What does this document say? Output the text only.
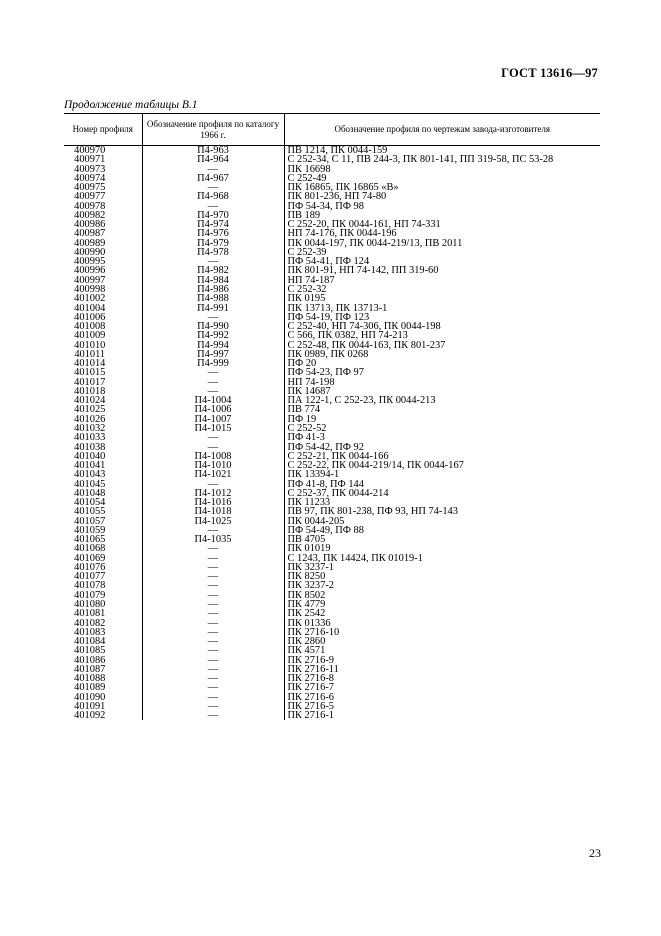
ГОСТ 13616—97
Продолжение таблицы В.1
Номер профиля	Обозначение профиля по каталогу 1966 г.	Обозначение профиля по чертежам завода-изготовителя
400970	П4-963	ПВ 1214, ПК 0044-159
400971	П4-964	С 252-34, С 11, ПВ 244-3, ПК 801-141, ПП 319-58, ПС 53-28
400973	—	ПК 16698
400974	П4-967	С 252-49
400975	—	ПК 16865, ПК 16865 «В»
400977	П4-968	ПК 801-236, НП 74-80
400978	—	ПФ 54-34, ПФ 98
400982	П4-970	ПВ 189
400986	П4-974	С 252-20, ПК 0044-161, НП 74-331
400987	П4-976	НП 74-176, ПК 0044-196
400989	П4-979	ПК 0044-197, ПК 0044-219/13, ПВ 2011
400990	П4-978	С 252-39
400995	—	ПФ 54-41, ПФ 124
400996	П4-982	ПК 801-91, НП 74-142, ПП 319-60
400997	П4-984	НП 74-187
400998	П4-986	С 252-32
401002	П4-988	ПК 0195
401004	П4-991	ПК 13713, ПК 13713-1
401006	—	ПФ 54-19, ПФ 123
401008	П4-990	С 252-40, НП 74-306, ПК 0044-198
401009	П4-992	С 566, ПК 0382, НП 74-213
401010	П4-994	С 252-48, ПК 0044-163, ПК 801-237
401011	П4-997	ПК 0989, ПК 0268
401014	П4-999	ПФ 20
401015	—	ПФ 54-23, ПФ 97
401017	—	НП 74-198
401018	—	ПК 14687
401024	П4-1004	ПА 122-1, С 252-23, ПК 0044-213
401025	П4-1006	ПВ 774
401026	П4-1007	ПФ 19
401032	П4-1015	С 252-52
401033	—	ПФ 41-3
401038	—	ПФ 54-42, ПФ 92
401040	П4-1008	С 252-21, ПК 0044-166
401041	П4-1010	С 252-22, ПК 0044-219/14, ПК 0044-167
401043	П4-1021	ПК 13394-1
401045	—	ПФ 41-8, ПФ 144
401048	П4-1012	С 252-37, ПК 0044-214
401054	П4-1016	ПК 11233
401055	П4-1018	ПВ 97, ПК 801-238, ПФ 93, НП 74-143
401057	П4-1025	ПК 0044-205
401059	—	ПФ 54-49, ПФ 88
401065	П4-1035	ПВ 4705
401068	—	ПК 01019
401069	—	С 1243, ПК 14424, ПК 01019-1
401076	—	ПК 3237-1
401077	—	ПК 8250
401078	—	ПК 3237-2
401079	—	ПК 8502
401080	—	ПК 4779
401081	—	ПК 2542
401082	—	ПК 01336
401083	—	ПК 2716-10
401084	—	ПК 2860
401085	—	ПК 4571
401086	—	ПК 2716-9
401087	—	ПК 2716-11
401088	—	ПК 2716-8
401089	—	ПК 2716-7
401090	—	ПК 2716-6
401091	—	ПК 2716-5
401092	—	ПК 2716-1
23
